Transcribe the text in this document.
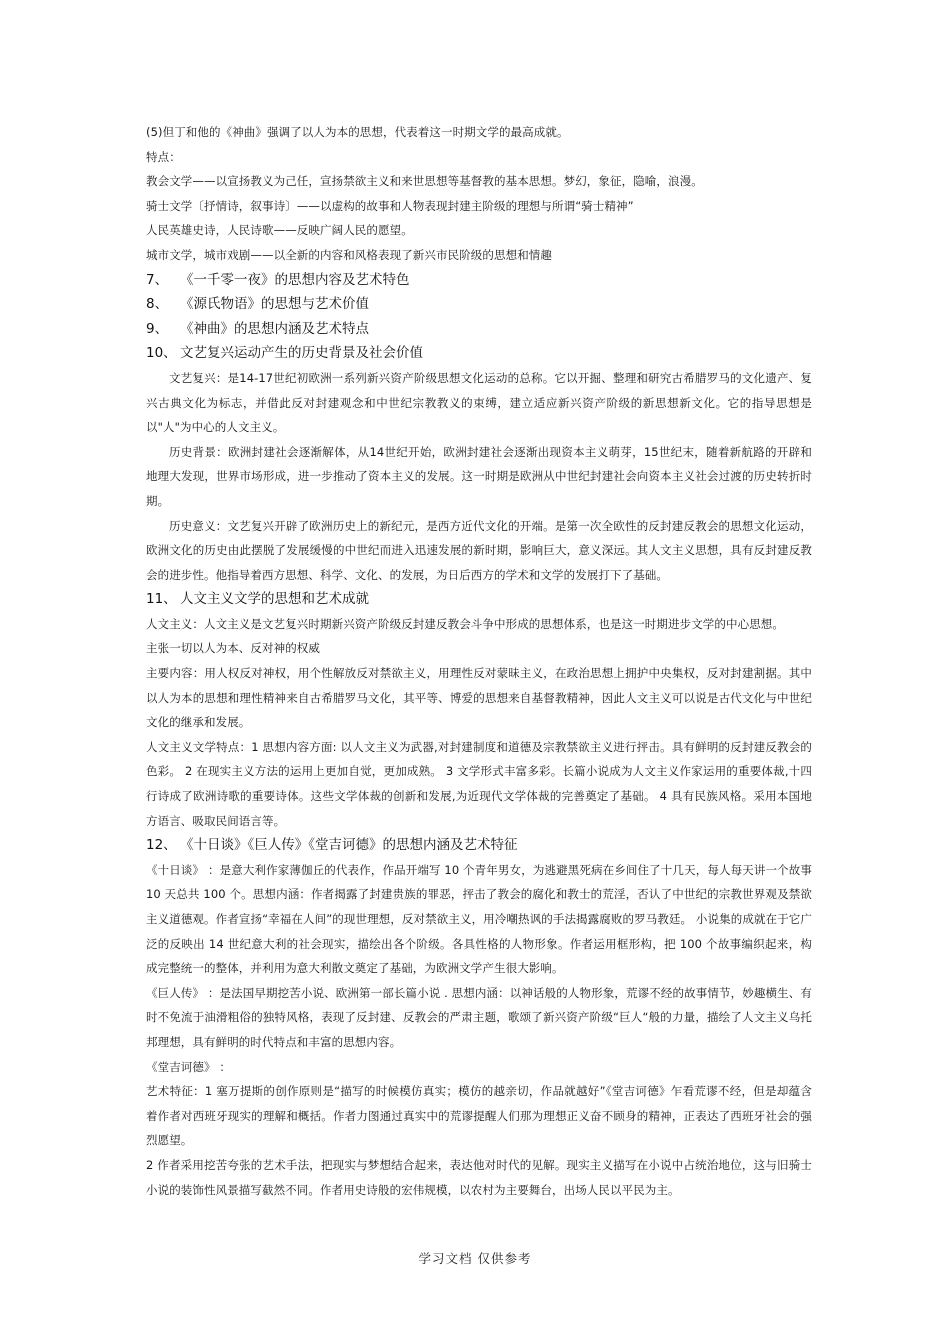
(5)但丁和他的《神曲》强调了以人为本的思想，代表着这一时期文学的最高成就。

特点：

教会文学——以宣扬教义为己任，宣扬禁欲主义和来世思想等基督教的基本思想。梦幻，象征，隐喻，浪漫。

骑士文学〔抒情诗，叙事诗〕——以虚构的故事和人物表现封建主阶级的理想与所谓“骑士精神”

人民英雄史诗，人民诗歌——反映广阔人民的愿望。

城市文学，城市戏剧——以全新的内容和风格表现了新兴市民阶级的思想和情趣

7、 《一千零一夜》的思想内容及艺术特色

8、 《源氏物语》的思想与艺术价值

9、 《神曲》的思想内涵及艺术特点

10、 文艺复兴运动产生的历史背景及社会价值

文艺复兴：是14-17世纪初欧洲一系列新兴资产阶级思想文化运动的总称。它以开掘、整理和研究古希腊罗马的文化遗产、复兴古典文化为标志，并借此反对封建观念和中世纪宗教教义的束缚，建立适应新兴资产阶级的新思想新文化。它的指导思想是以"人"为中心的人文主义。

历史背景：欧洲封建社会逐渐解体，从14世纪开始，欧洲封建社会逐渐出现资本主义萌芽，15世纪末，随着新航路的开辟和地理大发现，世界市场形成，进一步推动了资本主义的发展。这一时期是欧洲从中世纪封建社会向资本主义社会过渡的历史转折时期。

历史意义：文艺复兴开辟了欧洲历史上的新纪元，是西方近代文化的开端。是第一次全欧性的反封建反教会的思想文化运动，欧洲文化的历史由此摆脱了发展缓慢的中世纪而进入迅速发展的新时期，影响巨大，意义深远。其人文主义思想，具有反封建反教会的进步性。他指导着西方思想、科学、文化、的发展，为日后西方的学术和文学的发展打下了基础。

11、 人文主义文学的思想和艺术成就

人文主义：人文主义是文艺复兴时期新兴资产阶级反封建反教会斗争中形成的思想体系，也是这一时期进步文学的中心思想。

主张一切以人为本、反对神的权威

主要内容：用人权反对神权，用个性解放反对禁欲主义，用理性反对蒙昧主义，在政治思想上拥护中央集权，反对封建割据。其中以人为本的思想和理性精神来自古希腊罗马文化，其平等、博爱的思想来自基督教精神，因此人文主义可以说是古代文化与中世纪文化的继承和发展。

人文主义文学特点：1 思想内容方面: 以人文主义为武器,对封建制度和道德及宗教禁欲主义进行抨击。具有鲜明的反封建反教会的色彩。 2 在现实主义方法的运用上更加自觉，更加成熟。 3 文学形式丰富多彩。长篇小说成为人文主义作家运用的重要体裁,十四行诗成了欧洲诗歌的重要诗体。这些文学体裁的创新和发展,为近现代文学体裁的完善奠定了基础。 4 具有民族风格。采用本国地方语言、吸取民间语言等。

12、 《十日谈》《巨人传》《堂吉诃德》的思想内涵及艺术特征

《十日谈》 ：是意大利作家薄伽丘的代表作，作品开端写 10 个青年男女，为逃避黑死病在乡间住了十几天，每人每天讲一个故事 10 天总共 100 个。思想内涵：作者揭露了封建贵族的罪恶，抨击了教会的腐化和教士的荒淫，否认了中世纪的宗教世界观及禁欲主义道德观。作者宣扬“幸福在人间”的现世理想，反对禁欲主义，用冷嘲热讽的手法揭露腐败的罗马教廷。 小说集的成就在于它广泛的反映出 14 世纪意大利的社会现实，描绘出各个阶级。各具性格的人物形象。作者运用框形构，把 100 个故事编织起来，构成完整统一的整体，并利用为意大利散文奠定了基础，为欧洲文学产生很大影响。

《巨人传》 ：是法国早期挖苦小说、欧洲第一部长篇小说 . 思想内涵：以神话般的人物形象，荒谬不经的故事情节，妙趣横生、有时不免流于油滑粗俗的独特风格，表现了反封建、反教会的严肃主题，歌颂了新兴资产阶级“巨人“般的力量，描绘了人文主义乌托邦理想，具有鲜明的时代特点和丰富的思想内容。

《堂吉诃德》 ：

艺术特征：1 塞万提斯的创作原则是“描写的时候模仿真实；模仿的越亲切，作品就越好”《堂吉诃德》乍看荒谬不经，但是却蕴含着作者对西班牙现实的理解和概括。作者力图通过真实中的荒谬提醒人们那为理想正义奋不顾身的精神，正表达了西班牙社会的强烈愿望。

2 作者采用挖苦夸张的艺术手法，把现实与梦想结合起来，表达他对时代的见解。现实主义描写在小说中占统治地位，这与旧骑士小说的装饰性风景描写截然不同。作者用史诗般的宏伟规模，以农村为主要舞台，出场人民以平民为主。

学习文档 仅供参考
